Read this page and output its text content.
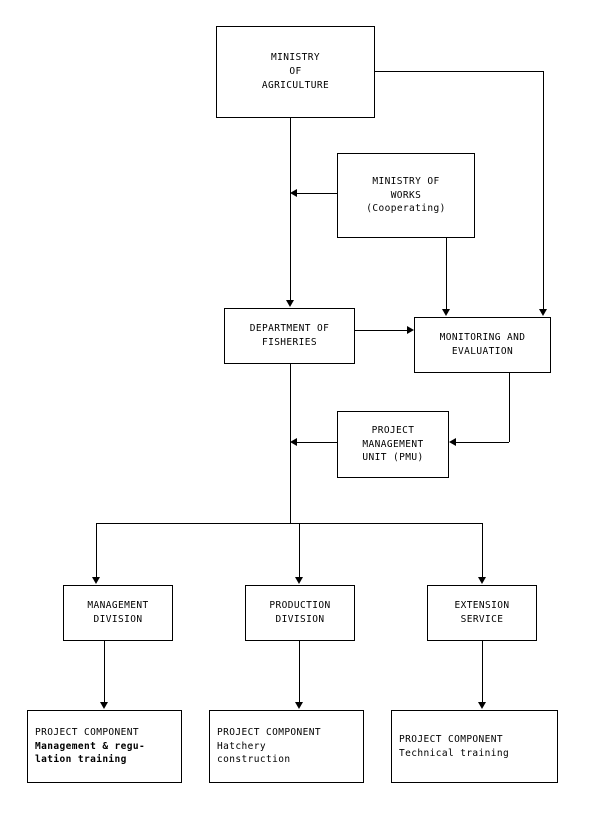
MINISTRY
OF
AGRICULTURE
MINISTRY OF
WORKS
(Cooperating)
DEPARTMENT OF
FISHERIES	MONITORING AND
EVALUATION
PROJECT
MANAGEMENT
UNIT (PMU)
MANAGEMENT
DIVISION
PRODUCTION
DIVISION
EXTENSION
SERVICE
PROJECT COMPONENT
Management & regu-
lation training
PROJECT COMPONENT
Hatchery
construction
PROJECT COMPONENT
Technical training
